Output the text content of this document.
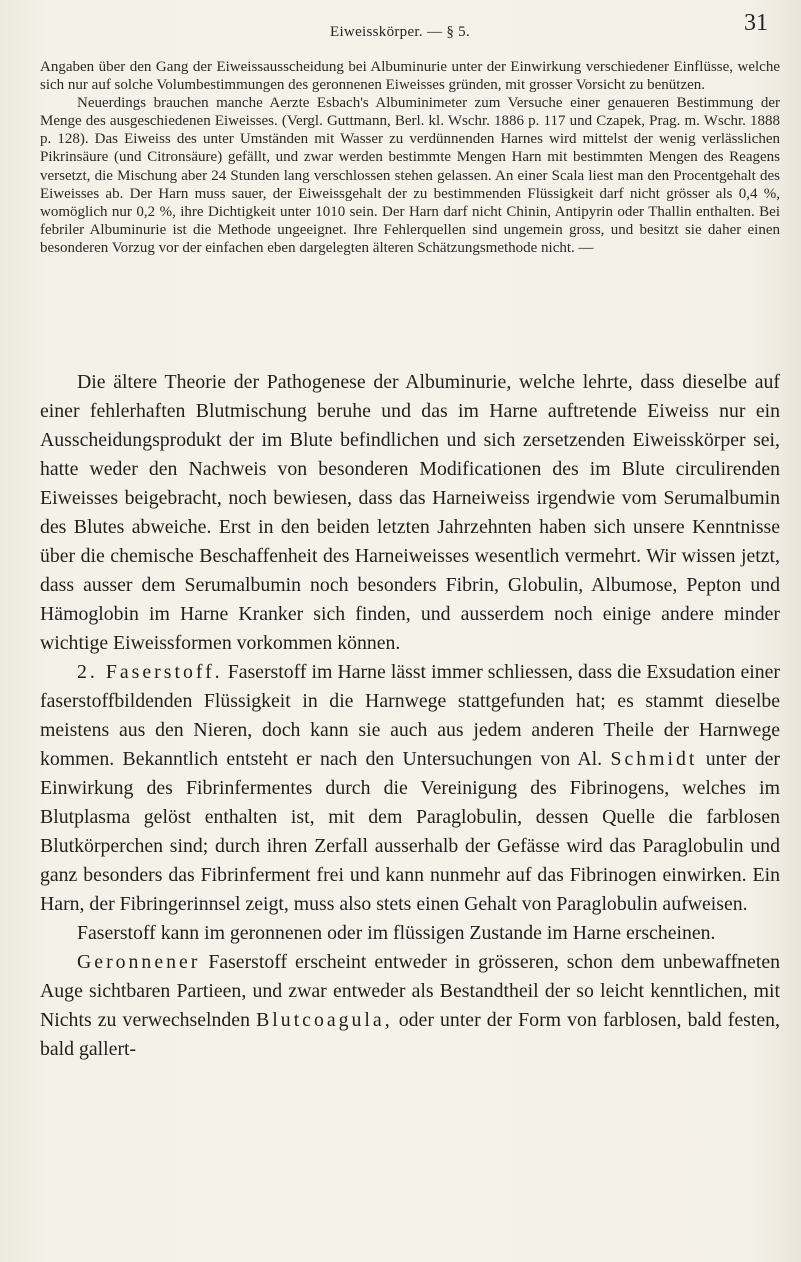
Eiweisskörper. — § 5.	31

Angaben über den Gang der Eiweissausscheidung bei Albuminurie unter der Einwirkung verschiedener Einflüsse, welche sich nur auf solche Volumbestimmungen des geronnenen Eiweisses gründen, mit grosser Vorsicht zu benützen.

Neuerdings brauchen manche Aerzte Esbach's Albuminimeter zum Versuche einer genaueren Bestimmung der Menge des ausgeschiedenen Eiweisses. (Vergl. Guttmann, Berl. kl. Wschr. 1886 p. 117 und Czapek, Prag. m. Wschr. 1888 p. 128). Das Eiweiss des unter Umständen mit Wasser zu verdünnenden Harnes wird mittelst der wenig verlässlichen Pikrinsäure (und Citronsäure) gefällt, und zwar werden bestimmte Mengen Harn mit bestimmten Mengen des Reagens versetzt, die Mischung aber 24 Stunden lang verschlossen stehen gelassen. An einer Scala liest man den Procentgehalt des Eiweisses ab. Der Harn muss sauer, der Eiweissgehalt der zu bestimmenden Flüssigkeit darf nicht grösser als 0,4 %, womöglich nur 0,2 %, ihre Dichtigkeit unter 1010 sein. Der Harn darf nicht Chinin, Antipyrin oder Thallin enthalten. Bei febriler Albuminurie ist die Methode ungeeignet. Ihre Fehlerquellen sind ungemein gross, und besitzt sie daher einen besonderen Vorzug vor der einfachen eben dargelegten älteren Schätzungsmethode nicht. —

Die ältere Theorie der Pathogenese der Albuminurie, welche lehrte, dass dieselbe auf einer fehlerhaften Blutmischung beruhe und das im Harne auftretende Eiweiss nur ein Ausscheidungsprodukt der im Blute befindlichen und sich zersetzenden Eiweisskörper sei, hatte weder den Nachweis von besonderen Modificationen des im Blute circulirenden Eiweisses beigebracht, noch bewiesen, dass das Harneiweiss irgendwie vom Serumalbumin des Blutes abweiche. Erst in den beiden letzten Jahrzehnten haben sich unsere Kenntnisse über die chemische Beschaffenheit des Harneiweisses wesentlich vermehrt. Wir wissen jetzt, dass ausser dem Serumalbumin noch besonders Fibrin, Globulin, Albumose, Pepton und Hämoglobin im Harne Kranker sich finden, und ausserdem noch einige andere minder wichtige Eiweissformen vorkommen können.

2. Faserstoff. Faserstoff im Harne lässt immer schliessen, dass die Exsudation einer faserstoffbildenden Flüssigkeit in die Harnwege stattgefunden hat; es stammt dieselbe meistens aus den Nieren, doch kann sie auch aus jedem anderen Theile der Harnwege kommen. Bekanntlich entsteht er nach den Untersuchungen von Al. Schmidt unter der Einwirkung des Fibrinfermentes durch die Vereinigung des Fibrinogens, welches im Blutplasma gelöst enthalten ist, mit dem Paraglobulin, dessen Quelle die farblosen Blutkörperchen sind; durch ihren Zerfall ausserhalb der Gefässe wird das Paraglobulin und ganz besonders das Fibrinferment frei und kann nunmehr auf das Fibrinogen einwirken. Ein Harn, der Fibringerinnsel zeigt, muss also stets einen Gehalt von Paraglobulin aufweisen.

Faserstoff kann im geronnenen oder im flüssigen Zustande im Harne erscheinen.

Geronnener Faserstoff erscheint entweder in grösseren, schon dem unbewaffneten Auge sichtbaren Partieen, und zwar entweder als Bestandtheil der so leicht kenntlichen, mit Nichts zu verwechselnden Blutcoagula, oder unter der Form von farblosen, bald festen, bald gallert-
